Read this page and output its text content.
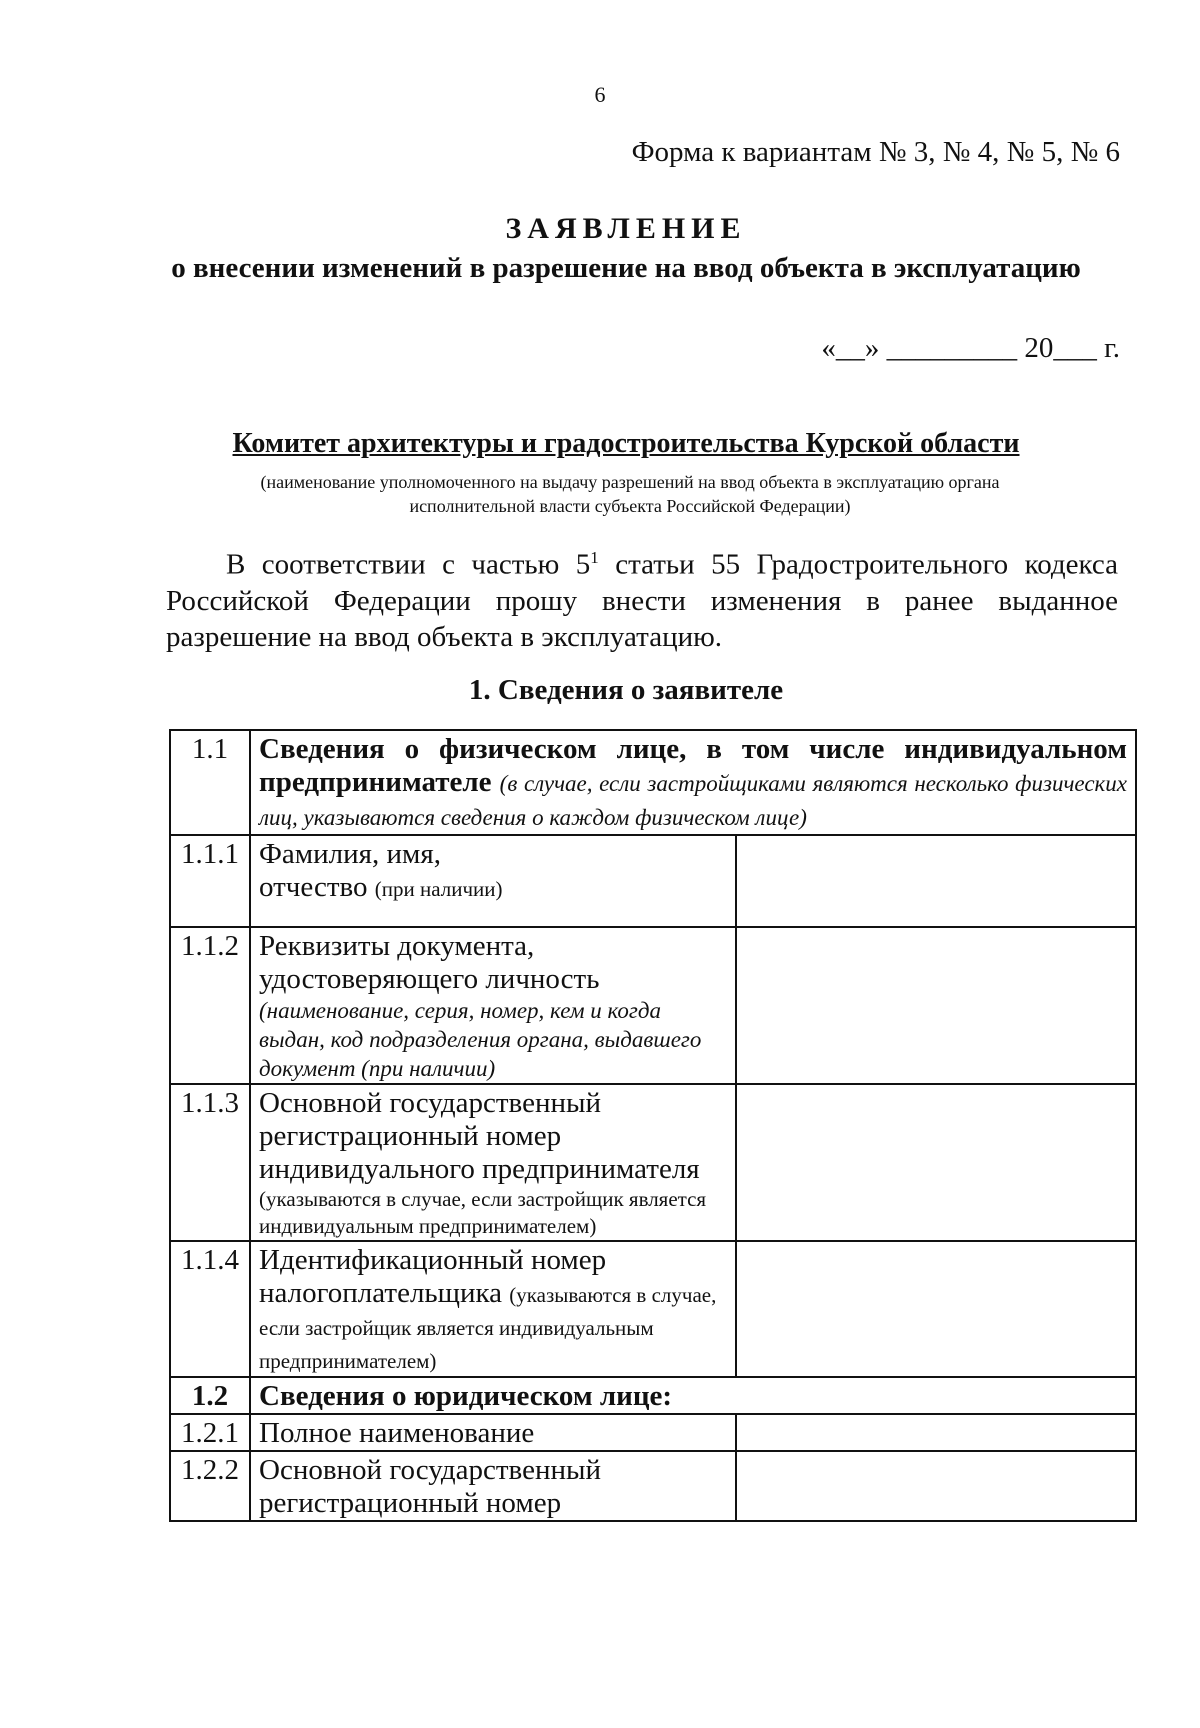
6
Форма к вариантам № 3, № 4, № 5, № 6
ЗАЯВЛЕНИЕ
о внесении изменений в разрешение на ввод объекта в эксплуатацию
«__» _________ 20___ г.
Комитет архитектуры и градостроительства Курской области
(наименование уполномоченного на выдачу разрешений на ввод объекта в эксплуатацию органа
исполнительной власти субъекта Российской Федерации)
В соответствии с частью $5^1$ статьи 55 Градостроительного кодекса Российской Федерации прошу внести изменения в ранее выданное разрешение на ввод объекта в эксплуатацию.
1. Сведения о заявителе
1.1	Сведения о физическом лице, в том числе индивидуальном предпринимателе (в случае, если застройщиками являются несколько физических лиц, указываются сведения о каждом физическом лице)	
1.1.1	Фамилия, имя,
отчество (при наличии)	

1.1.2	Реквизиты документа,
удостоверяющего личность
(наименование, серия, номер, кем и когда выдан, код подразделения органа, выдавшего документ (при наличии)	

1.1.3	Основной государственный регистрационный номер индивидуального предпринимателя
(указываются в случае, если застройщик является индивидуальным предпринимателем)	

1.1.4	Идентификационный номер налогоплательщика (указываются в случае, если застройщик является индивидуальным предпринимателем)	
1.2	Сведения о юридическом лице:	
1.2.1	Полное наименование	
1.2.2	Основной государственный регистрационный номер	
